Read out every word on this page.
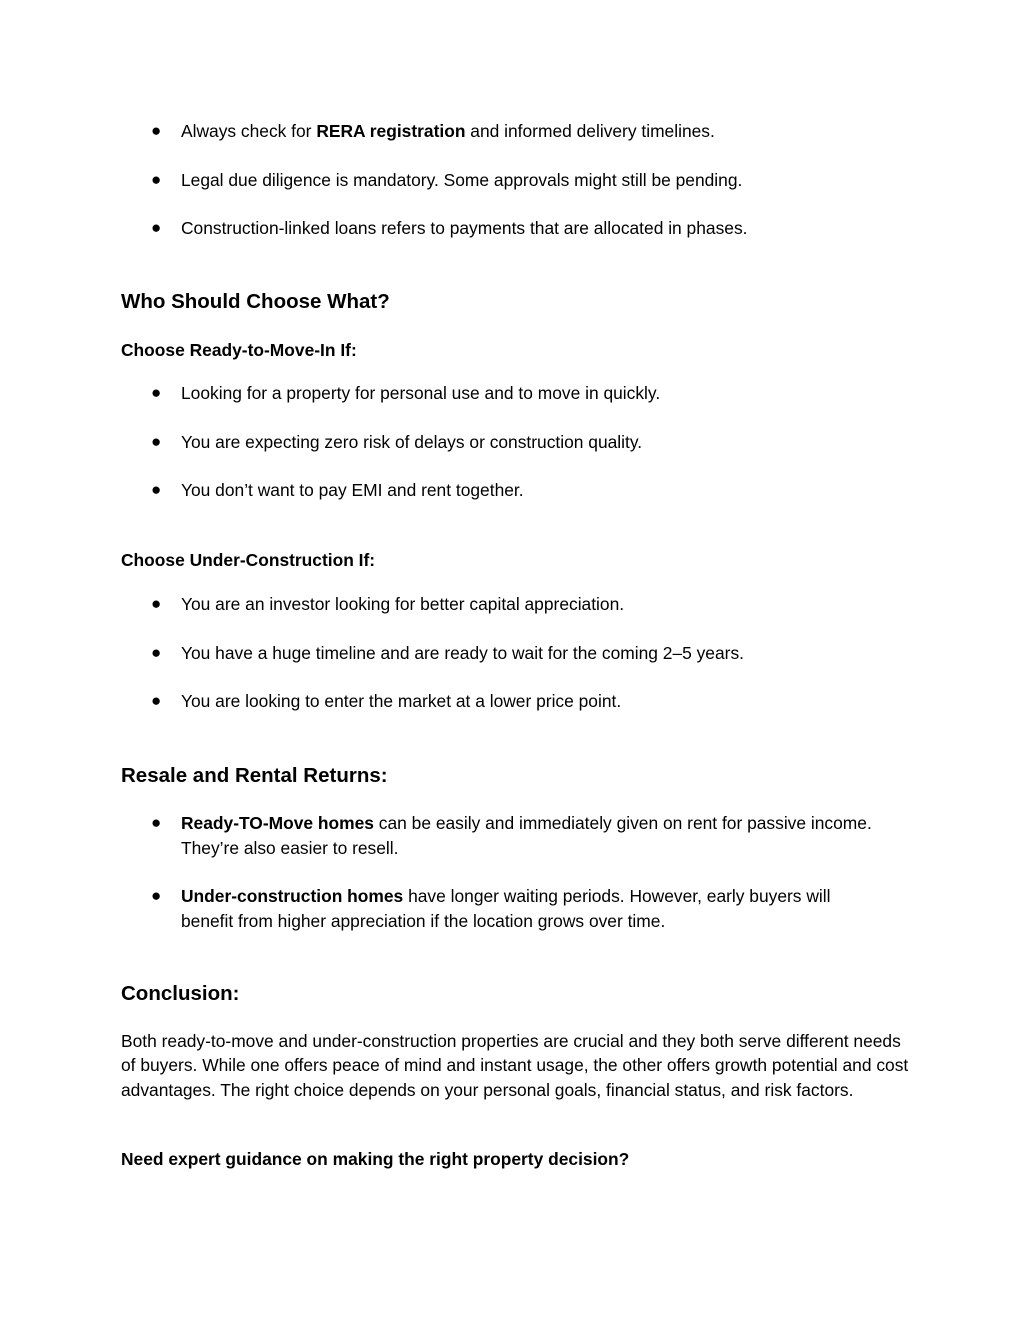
● Always check for RERA registration and informed delivery timelines.
● Legal due diligence is mandatory. Some approvals might still be pending.
● Construction-linked loans refers to payments that are allocated in phases.
Who Should Choose What?
Choose Ready-to-Move-In If:
● Looking for a property for personal use and to move in quickly.
● You are expecting zero risk of delays or construction quality.
● You don’t want to pay EMI and rent together.
Choose Under-Construction If:
● You are an investor looking for better capital appreciation.
● You have a huge timeline and are ready to wait for the coming 2–5 years.
● You are looking to enter the market at a lower price point.
Resale and Rental Returns:
● Ready-TO-Move homes can be easily and immediately given on rent for passive income. They’re also easier to resell.
● Under-construction homes have longer waiting periods. However, early buyers will benefit from higher appreciation if the location grows over time.
Conclusion:

Both ready-to-move and under-construction properties are crucial and they both serve different needs of buyers. While one offers peace of mind and instant usage, the other offers growth potential and cost advantages. The right choice depends on your personal goals, financial status, and risk factors.

Need expert guidance on making the right property decision?
